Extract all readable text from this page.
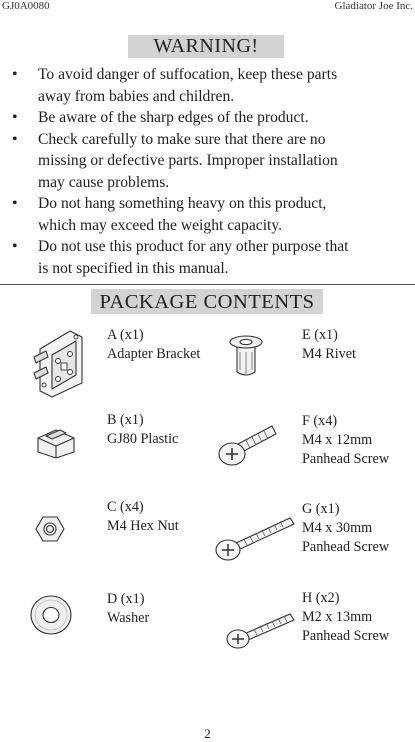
GJ0A0080	Gladiator Joe Inc.
WARNING!
• To avoid danger of suffocation, keep these parts
away from babies and children.
• Be aware of the sharp edges of the product.
• Check carefully to make sure that there are no
missing or defective parts. Improper installation
may cause problems.
• Do not hang something heavy on this product,
which may exceed the weight capacity.
• Do not use this product for any other purpose that
is not specified in this manual.
PACKAGE CONTENTS
A (x1)
Adapter Bracket
E (x1)
M4 Rivet
B (x1)
GJ80 Plastic
F (x4)
M4 x 12mm
Panhead Screw
C (x4)
M4 Hex Nut
G (x1)
M4 x 30mm
Panhead Screw
D (x1)
Washer
H (x2)
M2 x 13mm
Panhead Screw
2
